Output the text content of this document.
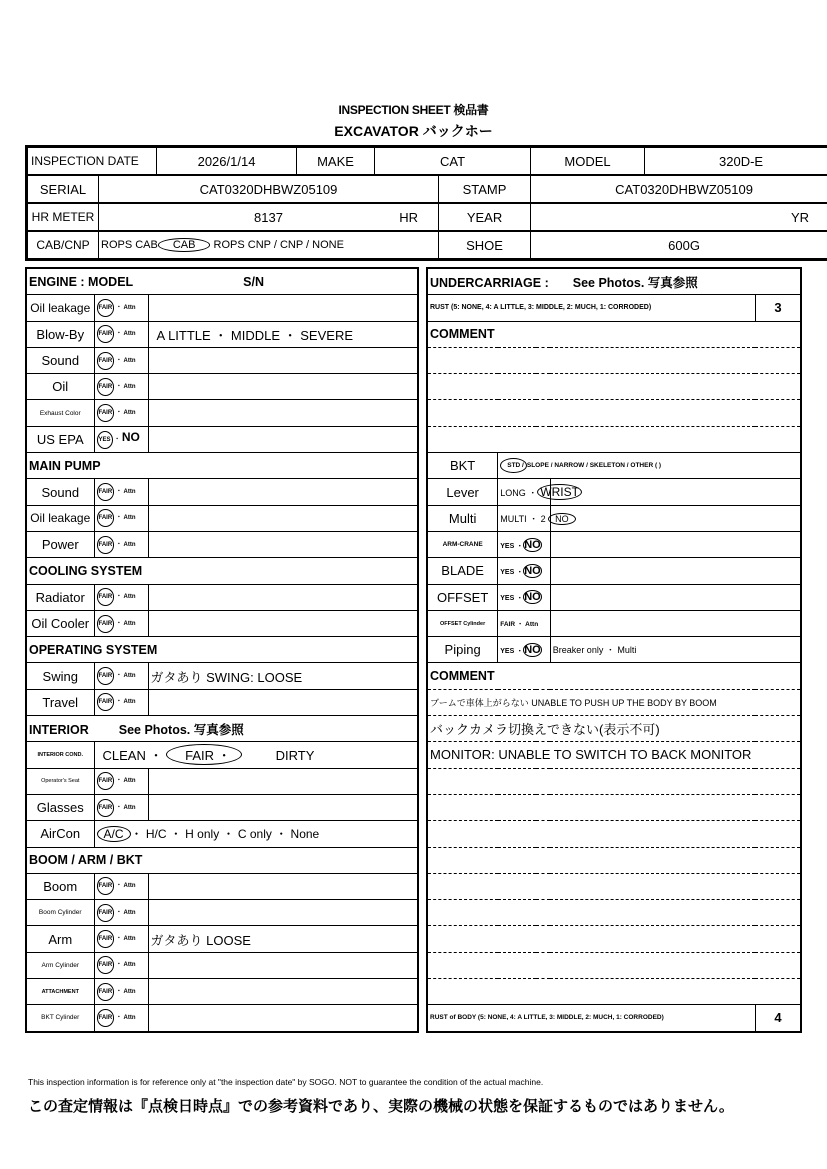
INSPECTION SHEET 検品書
EXCAVATOR バックホー
INSPECTION DATE		2026/1/14	MAKE	CAT		MODEL	320D-E
SERIAL	CAT0320DHBWZ05109				STAMP	CAT0320DHBWZ05109	
HR METER	8137 HR				YEAR	YR	
CAB/CNP	ROPS CAB CAB ROPS CNP / CNP / NONE				SHOE	600G	
ENGINE : MODEL S/N		
Oil leakage	FAIR ・ Attn	
Blow-By	FAIR ・ Attn	A LITTLE ・ MIDDLE ・ SEVERE
Sound	FAIR ・ Attn	
Oil	FAIR ・ Attn	
Exhaust Color	FAIR ・ Attn	
US EPA	YES ・ NO	
MAIN PUMP		
Sound	FAIR ・ Attn	
Oil leakage	FAIR ・ Attn	
Power	FAIR ・ Attn	
COOLING SYSTEM		
Radiator	FAIR ・ Attn	
Oil Cooler	FAIR ・ Attn	
OPERATING SYSTEM		
Swing	FAIR ・ Attn	ガタあり SWING: LOOSE
Travel	FAIR ・ Attn	
INTERIOR See Photos. 写真参照		
INTERIOR COND.	CLEAN ・ FAIR ・ DIRTY	
Operator's Seat	FAIR ・ Attn	
Glasses	FAIR ・ Attn	
AirCon	A/C ・ H/C ・ H only ・ C only ・ None	
BOOM / ARM / BKT		
Boom	FAIR ・ Attn	
Boom Cylinder	FAIR ・ Attn	
Arm	FAIR ・ Attn	ガタあり LOOSE
Arm Cylinder	FAIR ・ Attn	
ATTACHMENT	FAIR ・ Attn	
BKT Cylinder	FAIR ・ Attn	
UNDERCARRIAGE : See Photos. 写真参照			
RUST (5: NONE, 4: A LITTLE, 3: MIDDLE, 2: MUCH, 1: CORRODED)			3
COMMENT			

BKT	STD / SLOPE / NARROW / SKELETON / OTHER ( )		
Lever	LONG ・ WRIST		
Multi	MULTI ・ 2 NO		
ARM-CRANE	YES ・NO		
BLADE	YES ・NO		
OFFSET	YES ・NO		
OFFSET Cylinder	FAIR ・ Attn		
Piping	YES ・NO	Breaker only ・ Multi	
COMMENT			
ブームで車体上がらない UNABLE TO PUSH UP THE BODY BY BOOM			
バックカメラ切換えできない(表示不可)			
MONITOR: UNABLE TO SWITCH TO BACK MONITOR			

RUST of BODY (5: NONE, 4: A LITTLE, 3: MIDDLE, 2: MUCH, 1: CORRODED)			4
This inspection information is for reference only at "the inspection date" by SOGO. NOT to guarantee the condition of the actual machine.
この査定情報は『点検日時点』での参考資料であり、実際の機械の状態を保証するものではありません。
